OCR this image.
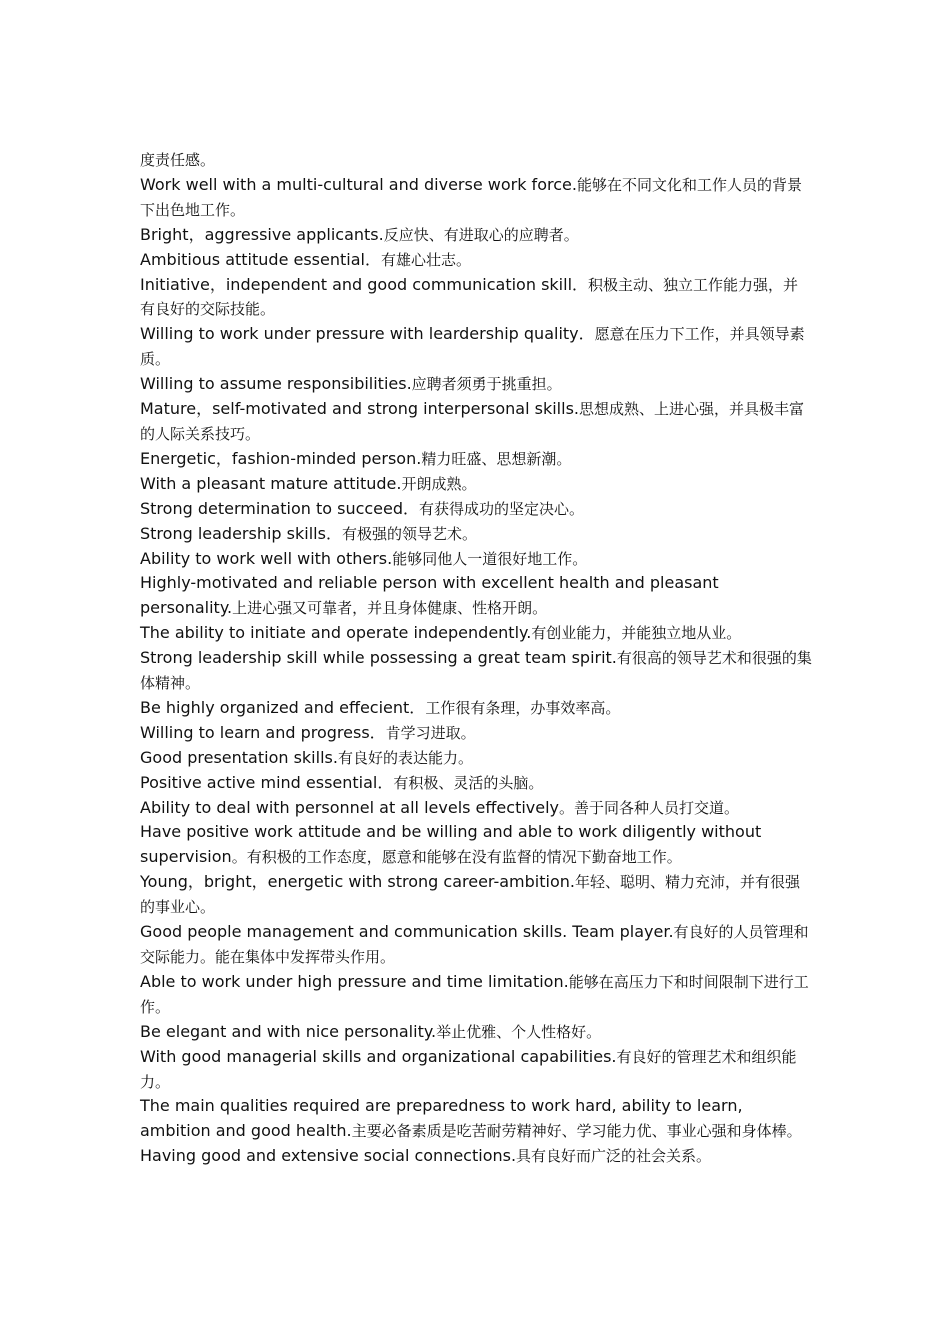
度责任感。

Work well with a multi-cultural and diverse work force.能够在不同文化和工作人员的背景下出色地工作。

Bright，aggressive applicants.反应快、有进取心的应聘者。

Ambitious attitude essential．有雄心壮志。

Initiative，independent and good communication skill．积极主动、独立工作能力强，并有良好的交际技能。

Willing to work under pressure with leardership quality．愿意在压力下工作，并具领导素质。

Willing to assume responsibilities.应聘者须勇于挑重担。

Mature，self-motivated and strong interpersonal skills.思想成熟、上进心强，并具极丰富的人际关系技巧。

Energetic，fashion-minded person.精力旺盛、思想新潮。

With a pleasant mature attitude.开朗成熟。

Strong determination to succeed．有获得成功的坚定决心。

Strong leadership skills．有极强的领导艺术。

Ability to work well with others.能够同他人一道很好地工作。

Highly-motivated and reliable person with excellent health and pleasant personality.上进心强又可靠者，并且身体健康、性格开朗。

The ability to initiate and operate independently.有创业能力，并能独立地从业。

Strong leadership skill while possessing a great team spirit.有很高的领导艺术和很强的集体精神。

Be highly organized and effecient．工作很有条理，办事效率高。

Willing to learn and progress．肯学习进取。

Good presentation skills.有良好的表达能力。

Positive active mind essential．有积极、灵活的头脑。

Ability to deal with personnel at all levels effectively。善于同各种人员打交道。

Have positive work attitude and be willing and able to work diligently without supervision。有积极的工作态度，愿意和能够在没有监督的情况下勤奋地工作。

Young，bright，energetic with strong career-ambition.年轻、聪明、精力充沛，并有很强的事业心。

Good people management and communication skills. Team player.有良好的人员管理和交际能力。能在集体中发挥带头作用。

Able to work under high pressure and time limitation.能够在高压力下和时间限制下进行工作。

Be elegant and with nice personality.举止优雅、个人性格好。

With good managerial skills and organizational capabilities.有良好的管理艺术和组织能力。

The main qualities required are preparedness to work hard, ability to learn, ambition and good health.主要必备素质是吃苦耐劳精神好、学习能力优、事业心强和身体棒。

Having good and extensive social connections.具有良好而广泛的社会关系。
